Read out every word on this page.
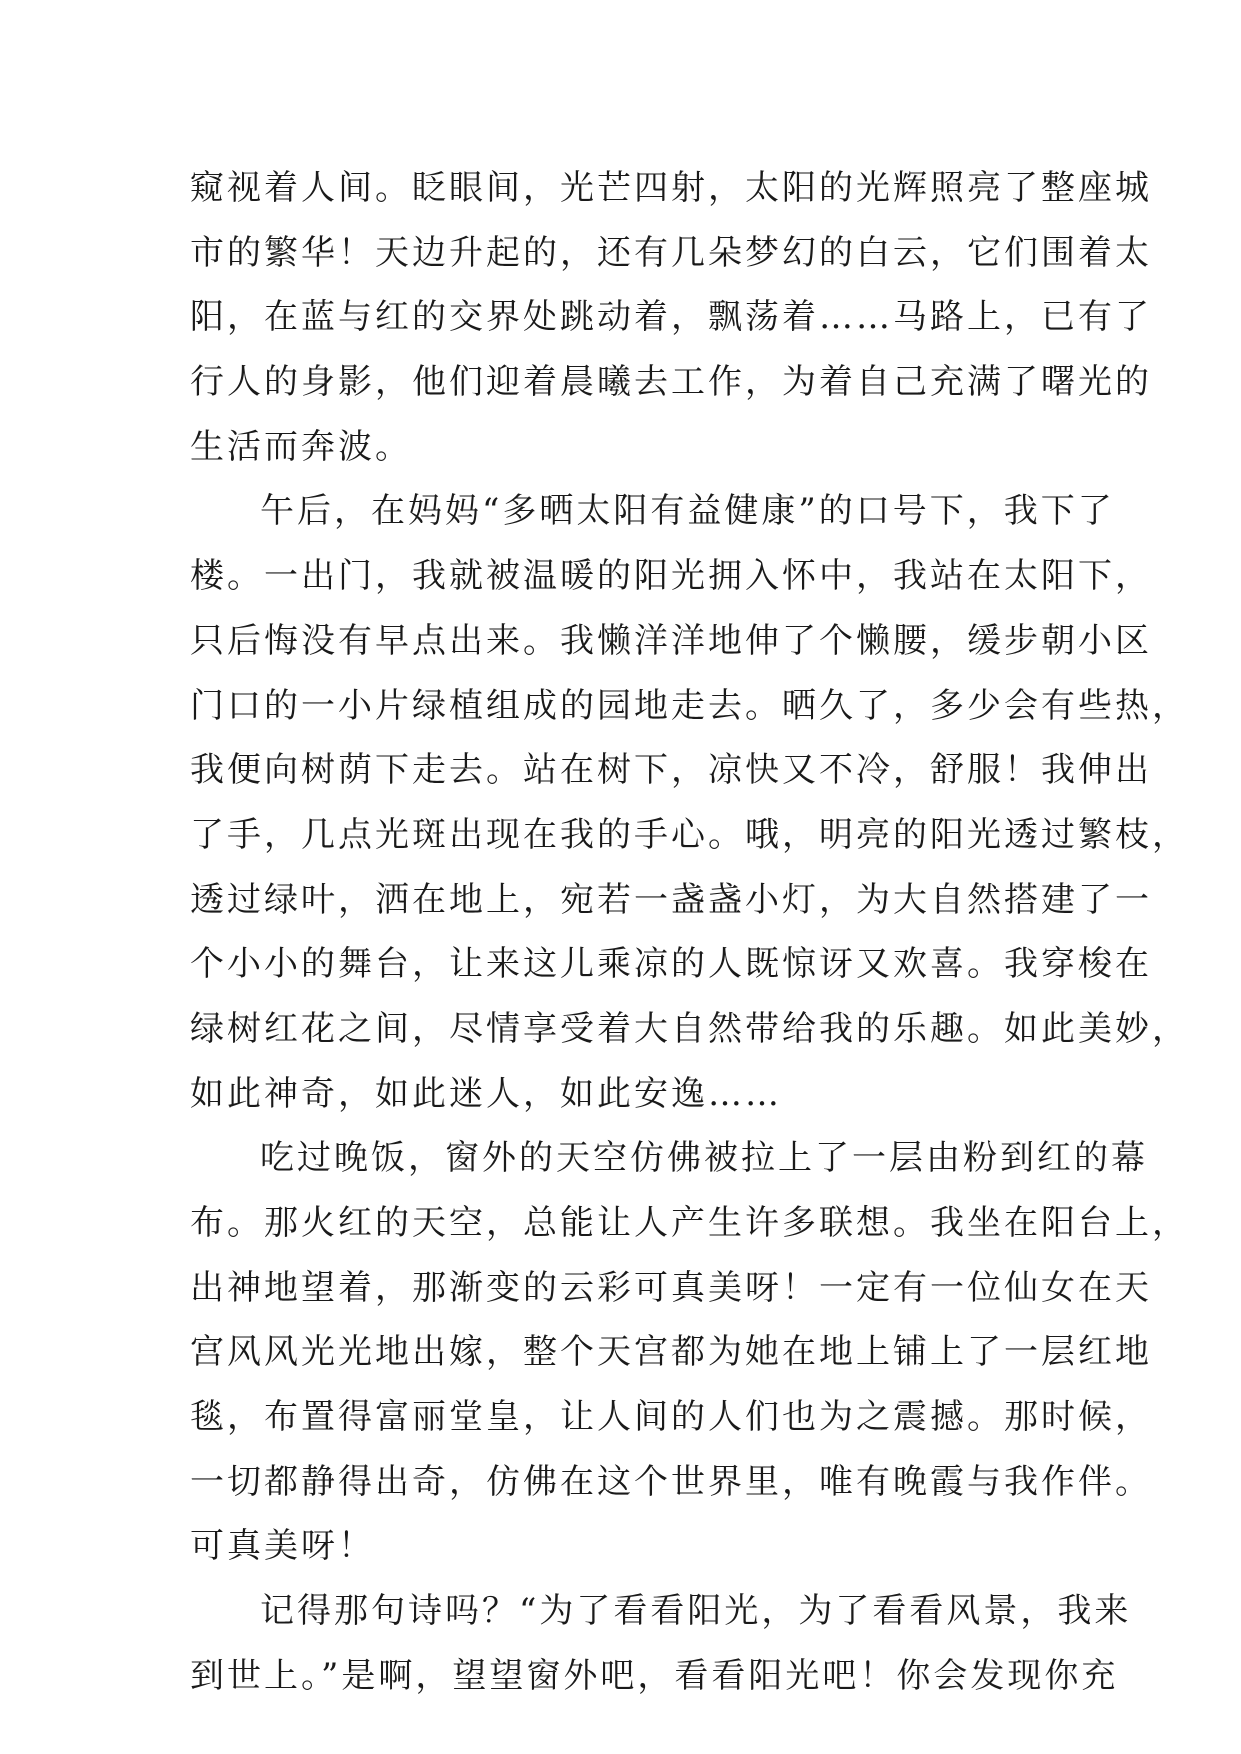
窥视着人间。眨眼间，光芒四射，太阳的光辉照亮了整座城
市的繁华！天边升起的，还有几朵梦幻的白云，它们围着太
阳，在蓝与红的交界处跳动着，飘荡着……马路上，已有了
行人的身影，他们迎着晨曦去工作，为着自己充满了曙光的
生活而奔波。
午后，在妈妈“多晒太阳有益健康”的口号下，我下了
楼。一出门，我就被温暖的阳光拥入怀中，我站在太阳下，
只后悔没有早点出来。我懒洋洋地伸了个懒腰，缓步朝小区
门口的一小片绿植组成的园地走去。晒久了，多少会有些热，
我便向树荫下走去。站在树下，凉快又不冷，舒服！我伸出
了手，几点光斑出现在我的手心。哦，明亮的阳光透过繁枝，
透过绿叶，洒在地上，宛若一盏盏小灯，为大自然搭建了一
个小小的舞台，让来这儿乘凉的人既惊讶又欢喜。我穿梭在
绿树红花之间，尽情享受着大自然带给我的乐趣。如此美妙，
如此神奇，如此迷人，如此安逸……
吃过晚饭，窗外的天空仿佛被拉上了一层由粉到红的幕
布。那火红的天空，总能让人产生许多联想。我坐在阳台上，
出神地望着，那渐变的云彩可真美呀！一定有一位仙女在天
宫风风光光地出嫁，整个天宫都为她在地上铺上了一层红地
毯，布置得富丽堂皇，让人间的人们也为之震撼。那时候，
一切都静得出奇，仿佛在这个世界里，唯有晚霞与我作伴。
可真美呀！
记得那句诗吗？“为了看看阳光，为了看看风景，我来
到世上。”是啊，望望窗外吧，看看阳光吧！你会发现你充
